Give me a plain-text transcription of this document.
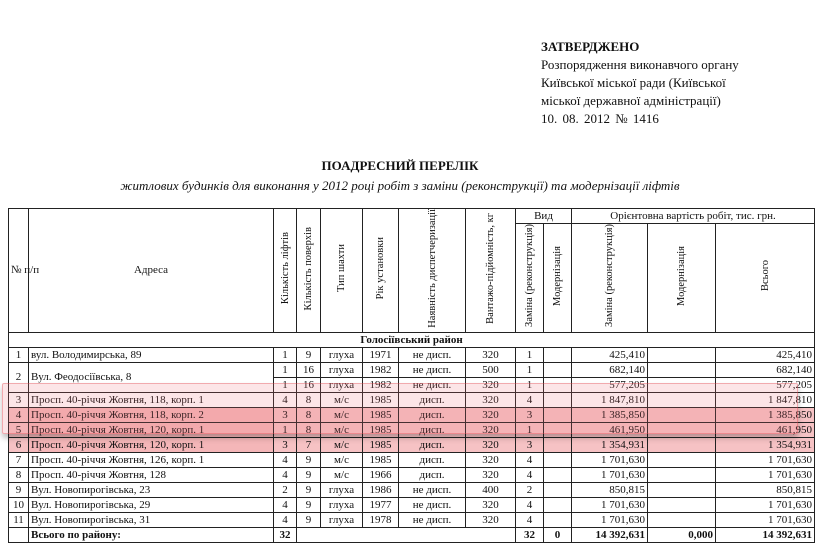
ЗАТВЕРДЖЕНО
Розпорядження виконавчого органу
Київської міської ради (Київської
міської державної адміністрації)
10. 08. 2012 № 1416
ПОАДРЕСНИЙ ПЕРЕЛІК
житлових будинків для виконання у 2012 році робіт з заміни (реконструкції) та модернізації ліфтів
№ п/п	Адреса	Кількість ліфтів	Кількість поверхів	Тип шахти	Рік установки	Наявність диспетчеризації	Вантажо-підйомність, кг	Вид		Орієнтовна вартість робіт, тис. грн.		
								Заміна (реконструкція)	Модернізація	Заміна (реконструкція)	Модернізація	Всього
Голосіївський район												
1	вул. Володимирська, 89	1	9	глуха	1971	не дисп.	320	1		425,410		425,410
2	Вул. Феодосіївська, 8	1	16	глуха	1982	не дисп.	500	1		682,140		682,140
		1	16	глуха	1982	не дисп.	320	1		577,205		577,205
3	Просп. 40-річчя Жовтня, 118, корп. 1	4	8	м/с	1985	дисп.	320	4		1 847,810		1 847,810
4	Просп. 40-річчя Жовтня, 118, корп. 2	3	8	м/с	1985	дисп.	320	3		1 385,850		1 385,850
5	Просп. 40-річчя Жовтня, 120, корп. 1	1	8	м/с	1985	дисп.	320	1		461,950		461,950
6	Просп. 40-річчя Жовтня, 120, корп. 1	3	7	м/с	1985	дисп.	320	3		1 354,931		1 354,931
7	Просп. 40-річчя Жовтня, 126, корп. 1	4	9	м/с	1985	дисп.	320	4		1 701,630		1 701,630
8	Просп. 40-річчя Жовтня, 128	4	9	м/с	1966	дисп.	320	4		1 701,630		1 701,630
9	Вул. Новопирогівська, 23	2	9	глуха	1986	не дисп.	400	2		850,815		850,815
10	Вул. Новопирогівська, 29	4	9	глуха	1977	не дисп.	320	4		1 701,630		1 701,630
11	Вул. Новопирогівська, 31	4	9	глуха	1978	не дисп.	320	4		1 701,630		1 701,630
	Всього по району:	32						32	0	14 392,631	0,000	14 392,631
